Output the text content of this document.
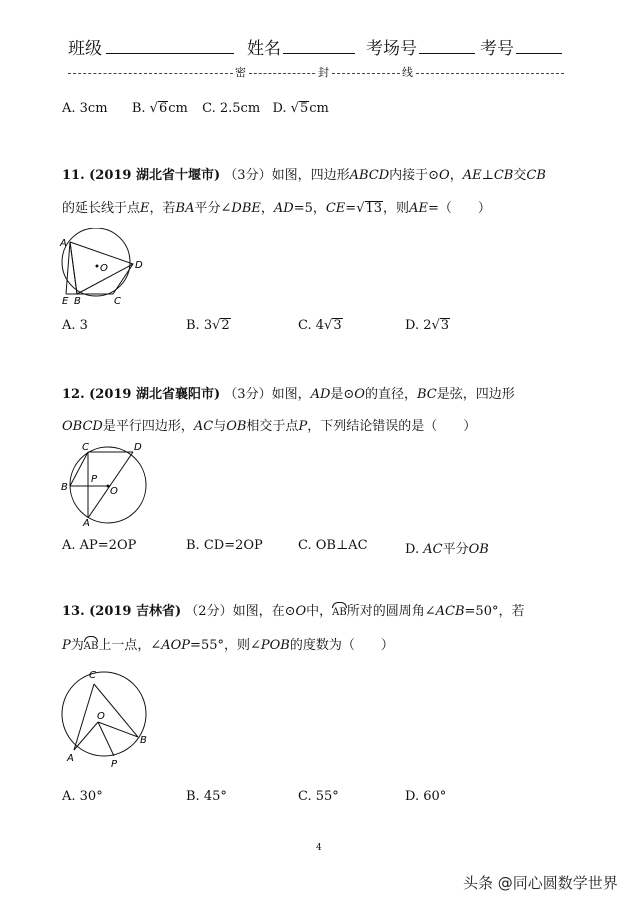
班级	姓名	考场号	考号
密	封	线
A. 3cm B. √6cm C. 2.5cm D. √5cm
11. (2019 湖北省十堰市) （3分）如图，四边形ABCD内接于⊙O，AE⊥CB交CB
的延长线于点E，若BA平分∠DBE，AD=5，CE=√13，则AE=（　　）
A
O	D
E B	C
A. 3	B. 3√2	C. 4√3	D. 2√3
12. (2019 湖北省襄阳市) （3分）如图，AD是⊙O的直径，BC是弦，四边形
OBCD是平行四边形，AC与OB相交于点P，下列结论错误的是（　　）
C	D
B
P
O
A
A. AP=2OP	B. CD=2OP	C. OB⊥AC	D. AC平分OB
13. (2019 吉林省) （2分）如图，在⊙O中，AB所对的圆周角∠ACB=50°，若
P为AB上一点，∠AOP=55°，则∠POB的度数为（　　）
C
O
B
A
P
A. 30°	B. 45°	C. 55°	D. 60°
4
头条 @同心圆数学世界
